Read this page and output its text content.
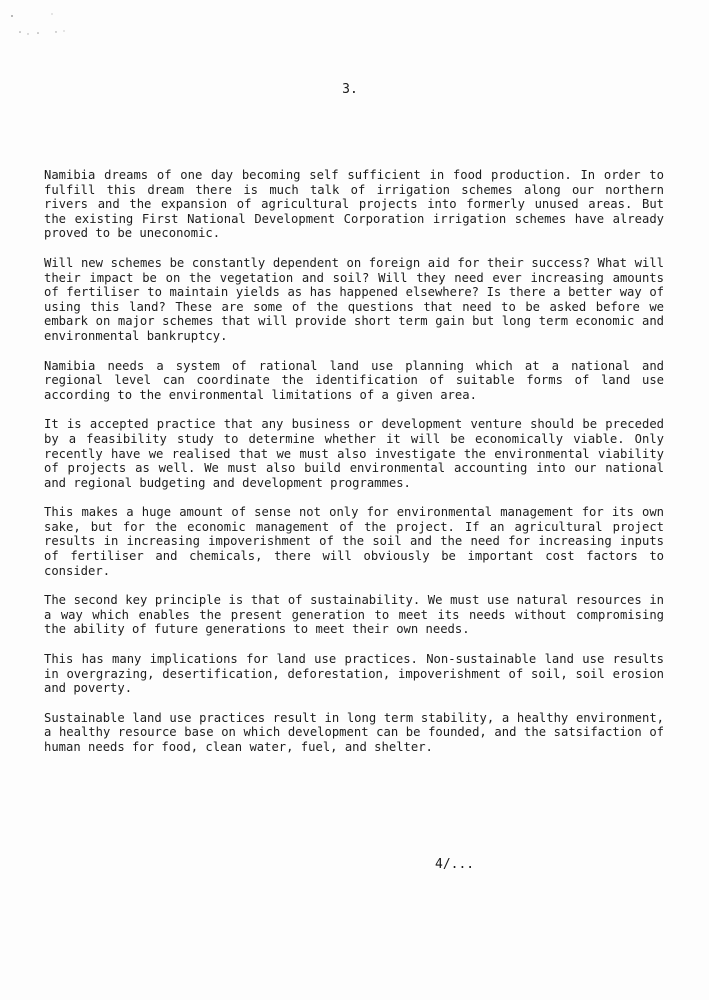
3.

Namibia dreams of one day becoming self sufficient in food production. In order to fulfill this dream there is much talk of irrigation schemes along our northern rivers and the expansion of agricultural projects into formerly unused areas. But the existing First National Development Corporation irrigation schemes have already proved to be uneconomic.

Will new schemes be constantly dependent on foreign aid for their success? What will their impact be on the vegetation and soil? Will they need ever increasing amounts of fertiliser to maintain yields as has happened elsewhere? Is there a better way of using this land? These are some of the questions that need to be asked before we embark on major schemes that will provide short term gain but long term economic and environmental bankruptcy.

Namibia needs a system of rational land use planning which at a national and regional level can coordinate the identification of suitable forms of land use according to the environmental limitations of a given area.

It is accepted practice that any business or development venture should be preceded by a feasibility study to determine whether it will be economically viable. Only recently have we realised that we must also investigate the environmental viability of projects as well. We must also build environmental accounting into our national and regional budgeting and development programmes.

This makes a huge amount of sense not only for environmental management for its own sake, but for the economic management of the project. If an agricultural project results in increasing impoverishment of the soil and the need for increasing inputs of fertiliser and chemicals, there will obviously be important cost factors to consider.

The second key principle is that of sustainability. We must use natural resources in a way which enables the present generation to meet its needs without compromising the ability of future generations to meet their own needs.

This has many implications for land use practices. Non-sustainable land use results in overgrazing, desertification, deforestation, impoverishment of soil, soil erosion and poverty.

Sustainable land use practices result in long term stability, a healthy environment, a healthy resource base on which development can be founded, and the satsifaction of human needs for food, clean water, fuel, and shelter.

4/...
